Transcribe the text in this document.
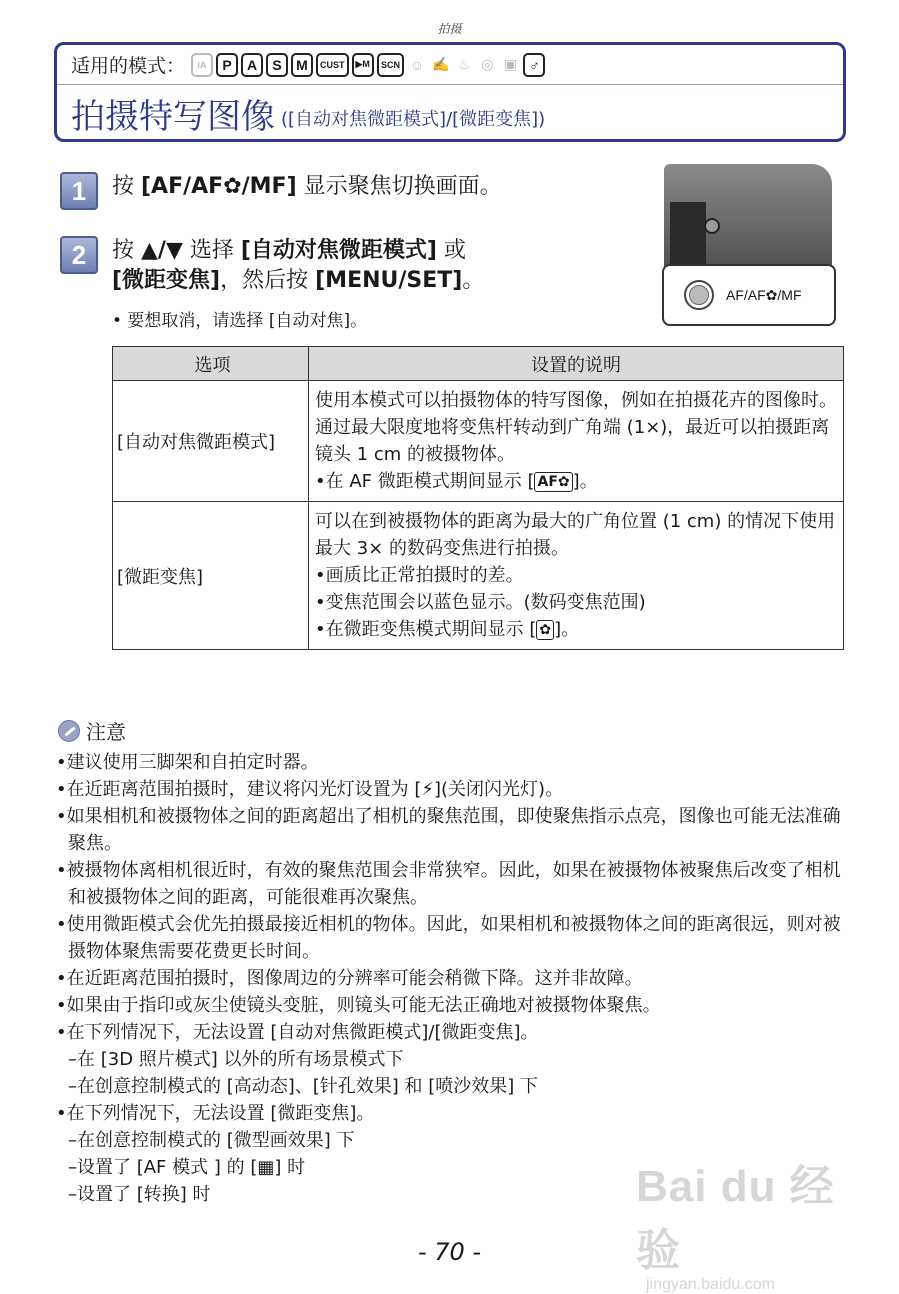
拍摄
适用的模式：	iA	P	A	S	M	CUST	▶M	SCN ☺ ✍ ♨ ◎ ▣ ♂
拍摄特写图像 ([自动对焦微距模式]/[微距变焦])
1	按 [AF/AF✿/MF] 显示聚焦切换画面。
2	按 ▲/▼ 选择 [自动对焦微距模式] 或
[微距变焦]，然后按 [MENU/SET]。
• 要想取消，请选择 [自动对焦]。
AF/AF✿/MF
选项	设置的说明
[自动对焦微距模式]	使用本模式可以拍摄物体的特写图像，例如在拍摄花卉的图像时。通过最大限度地将变焦杆转动到广角端 (1×)，最近可以拍摄距离镜头 1 cm 的被摄物体。

•在 AF 微距模式期间显示 [ AF✿ ]。

[微距变焦]	可以在到被摄物体的距离为最大的广角位置 (1 cm) 的情况下使用最大 3× 的数码变焦进行拍摄。

•画质比正常拍摄时的差。

•变焦范围会以蓝色显示。(数码变焦范围)

•在微距变焦模式期间显示 [ ✿ ]。

注意
•建议使用三脚架和自拍定时器。
•在近距离范围拍摄时，建议将闪光灯设置为 [⚡](关闭闪光灯)。
•如果相机和被摄物体之间的距离超出了相机的聚焦范围，即使聚焦指示点亮，图像也可能无法准确聚焦。
•被摄物体离相机很近时，有效的聚焦范围会非常狭窄。因此，如果在被摄物体被聚焦后改变了相机和被摄物体之间的距离，可能很难再次聚焦。
•使用微距模式会优先拍摄最接近相机的物体。因此，如果相机和被摄物体之间的距离很远，则对被摄物体聚焦需要花费更长时间。
•在近距离范围拍摄时，图像周边的分辨率可能会稍微下降。这并非故障。
•如果由于指印或灰尘使镜头变脏，则镜头可能无法正确地对被摄物体聚焦。
•在下列情况下，无法设置 [自动对焦微距模式]/[微距变焦]。
–在 [3D 照片模式] 以外的所有场景模式下
–在创意控制模式的 [高动态]、[针孔效果] 和 [喷沙效果] 下
•在下列情况下，无法设置 [微距变焦]。
–在创意控制模式的 [微型画效果] 下
–设置了 [AF 模式 ] 的 [▦] 时
–设置了 [转换] 时	Bai du 经验
jingyan.baidu.com
- 70 -
